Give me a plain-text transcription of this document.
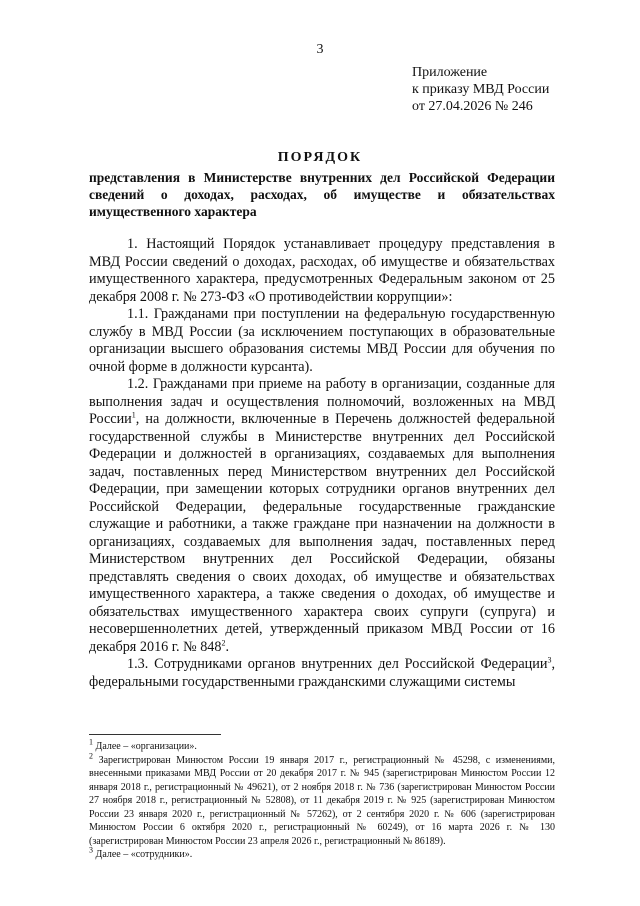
3
Приложение
к приказу МВД России
от 27.04.2026 № 246
ПОРЯДОК
представления в Министерстве внутренних дел Российской Федерации сведений о доходах, расходах, об имуществе и обязательствах имущественного характера

1. Настоящий Порядок устанавливает процедуру представления в МВД России сведений о доходах, расходах, об имуществе и обязательствах имущественного характера, предусмотренных Федеральным законом от 25 декабря 2008 г. № 273-ФЗ «О противодействии коррупции»:

1.1. Гражданами при поступлении на федеральную государственную службу в МВД России (за исключением поступающих в образовательные организации высшего образования системы МВД России для обучения по очной форме в должности курсанта).

1.2. Гражданами при приеме на работу в организации, созданные для выполнения задач и осуществления полномочий, возложенных на МВД России$^1$, на должности, включенные в Перечень должностей федеральной государственной службы в Министерстве внутренних дел Российской Федерации и должностей в организациях, создаваемых для выполнения задач, поставленных перед Министерством внутренних дел Российской Федерации, при замещении которых сотрудники органов внутренних дел Российской Федерации, федеральные государственные гражданские служащие и работники, а также граждане при назначении на должности в организациях, создаваемых для выполнения задач, поставленных перед Министерством внутренних дел Российской Федерации, обязаны представлять сведения о своих доходах, об имуществе и обязательствах имущественного характера, а также сведения о доходах, об имуществе и обязательствах имущественного характера своих супруги (супруга) и несовершеннолетних детей, утвержденный приказом МВД России от 16 декабря 2016 г. № $848^2$.

1.3. Сотрудниками органов внутренних дел Российской Федерации$^3$, федеральными государственными гражданскими служащими системы

$^1$ Далее – «организации».

$^2$ Зарегистрирован Минюстом России 19 января 2017 г., регистрационный № 45298, с изменениями, внесенными приказами МВД России от 20 декабря 2017 г. № 945 (зарегистрирован Минюстом России 12 января 2018 г., регистрационный № 49621), от 2 ноября 2018 г. № 736 (зарегистрирован Минюстом России 27 ноября 2018 г., регистрационный № 52808), от 11 декабря 2019 г. № 925 (зарегистрирован Минюстом России 23 января 2020 г., регистрационный № 57262), от 2 сентября 2020 г. № 606 (зарегистрирован Минюстом России 6 октября 2020 г., регистрационный № 60249), от 16 марта 2026 г. № 130 (зарегистрирован Минюстом России 23 апреля 2026 г., регистрационный № 86189).

$^3$ Далее – «сотрудники».
